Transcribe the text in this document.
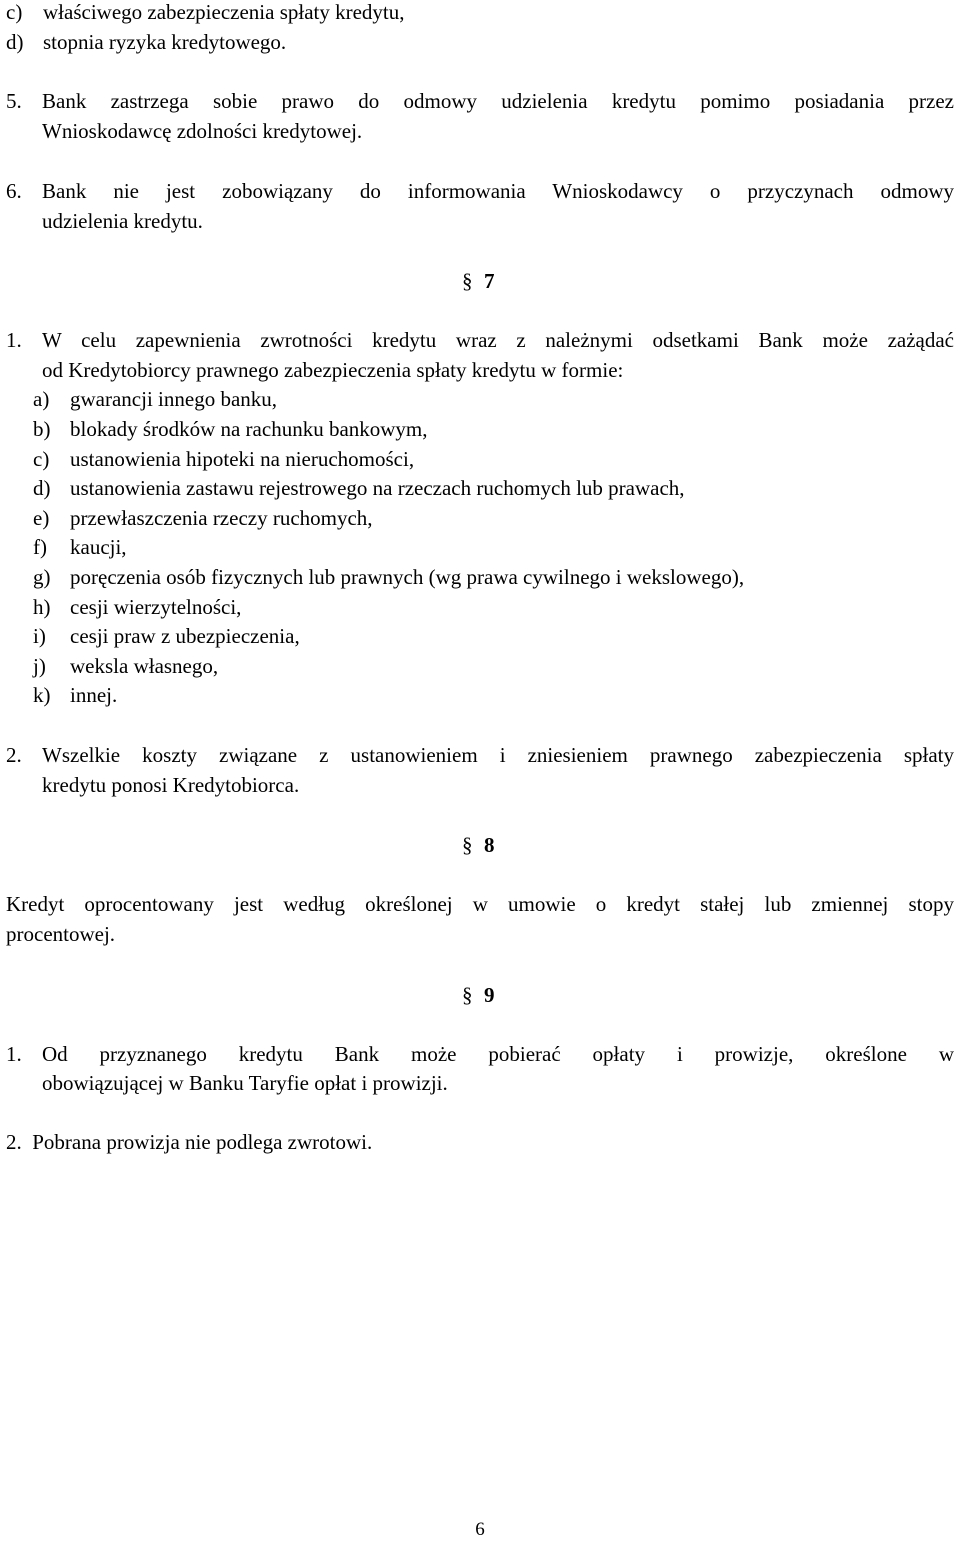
c) właściwego zabezpieczenia spłaty kredytu,
d) stopnia ryzyka kredytowego.
5. Bank zastrzega sobie prawo do odmowy udzielenia kredytu pomimo posiadania przez
Wnioskodawcę zdolności kredytowej.
6. Bank nie jest zobowiązany do informowania Wnioskodawcy o przyczynach odmowy
udzielenia kredytu.
§ 7
1. W celu zapewnienia zwrotności kredytu wraz z należnymi odsetkami Bank może zażądać
od Kredytobiorcy prawnego zabezpieczenia spłaty kredytu w formie:
a) gwarancji innego banku,
b) blokady środków na rachunku bankowym,
c) ustanowienia hipoteki na nieruchomości,
d) ustanowienia zastawu rejestrowego na rzeczach ruchomych lub prawach,
e) przewłaszczenia rzeczy ruchomych,
f) kaucji,
g) poręczenia osób fizycznych lub prawnych (wg prawa cywilnego i wekslowego),
h) cesji wierzytelności,
i) cesji praw z ubezpieczenia,
j) weksla własnego,
k) innej.
2. Wszelkie koszty związane z ustanowieniem i zniesieniem prawnego zabezpieczenia spłaty
kredytu ponosi Kredytobiorca.
§ 8
Kredyt oprocentowany jest według określonej w umowie o kredyt stałej lub zmiennej stopy
procentowej.
§ 9
1. Od przyznanego kredytu Bank może pobierać opłaty i prowizje, określone w
obowiązującej w Banku Taryfie opłat i prowizji.
2. Pobrana prowizja nie podlega zwrotowi.
6
